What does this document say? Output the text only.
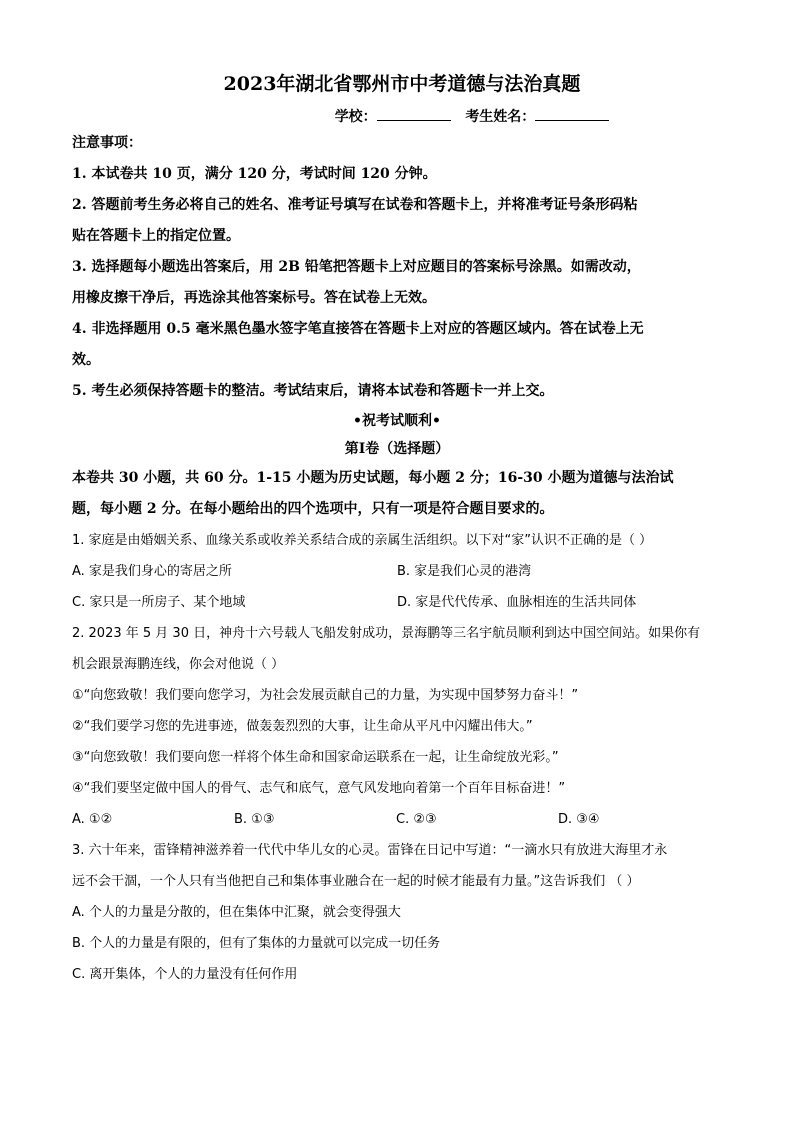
2023年湖北省鄂州市中考道德与法治真题
学校：	考生姓名：
注意事项：
1. 本试卷共 10 页，满分 120 分，考试时间 120 分钟。
2. 答题前考生务必将自己的姓名、准考证号填写在试卷和答题卡上，并将准考证号条形码粘
贴在答题卡上的指定位置。
3. 选择题每小题选出答案后，用 2B 铅笔把答题卡上对应题目的答案标号涂黑。如需改动，
用橡皮擦干净后，再选涂其他答案标号。答在试卷上无效。
4. 非选择题用 0.5 毫米黑色墨水签字笔直接答在答题卡上对应的答题区域内。答在试卷上无
效。
5. 考生必须保持答题卡的整洁。考试结束后，请将本试卷和答题卡一并上交。
•祝考试顺利•
第Ⅰ卷（选择题）
本卷共 30 小题，共 60 分。1-15 小题为历史试题，每小题 2 分；16-30 小题为道德与法治试
题，每小题 2 分。在每小题给出的四个选项中，只有一项是符合题目要求的。
1. 家庭是由婚姻关系、血缘关系或收养关系结合成的亲属生活组织。以下对“家”认识不正确的是（ ）
A. 家是我们身心的寄居之所	B. 家是我们心灵的港湾
C. 家只是一所房子、某个地域	D. 家是代代传承、血脉相连的生活共同体
2. 2023 年 5 月 30 日，神舟十六号载人飞船发射成功，景海鹏等三名宇航员顺利到达中国空间站。如果你有
机会跟景海鹏连线，你会对他说（ ）
①“向您致敬！我们要向您学习，为社会发展贡献自己的力量，为实现中国梦努力奋斗！”
②“我们要学习您的先进事迹，做轰轰烈烈的大事，让生命从平凡中闪耀出伟大。”
③“向您致敬！我们要向您一样将个体生命和国家命运联系在一起，让生命绽放光彩。”
④“我们要坚定做中国人的骨气、志气和底气，意气风发地向着第一个百年目标奋进！”
A. ①②	B. ①③	C. ②③	D. ③④
3. 六十年来，雷锋精神滋养着一代代中华儿女的心灵。雷锋在日记中写道：“一滴水只有放进大海里才永
远不会干涸，一个人只有当他把自己和集体事业融合在一起的时候才能最有力量。”这告诉我们 （ ）
A. 个人的力量是分散的，但在集体中汇聚，就会变得强大
B. 个人的力量是有限的，但有了集体的力量就可以完成一切任务
C. 离开集体，个人的力量没有任何作用
